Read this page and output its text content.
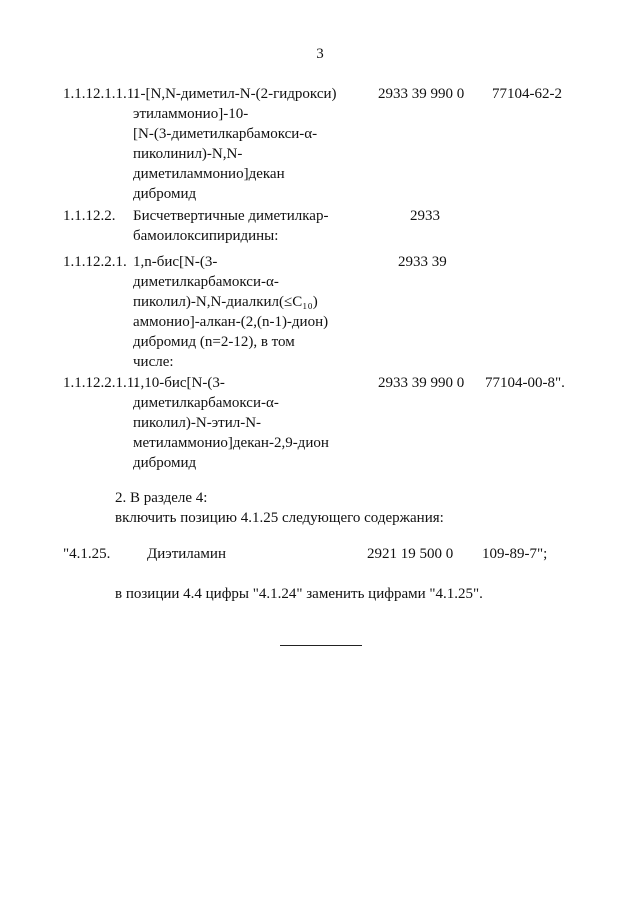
3
1.1.12.1.1.1.
1-[N,N-диметил-N-(2-гидрокси)
этиламмонио]-10-
[N-(3-диметилкарбамокси-α-
пиколинил)-N,N-
диметиламмонио]декан
дибромид
2933 39 990 0 77104-62-2
1.1.12.2. Бисчетвертичные диметилкар-
бамоилоксипиридины:
2933
1.1.12.2.1. 1,n-бис[N-(3-
диметилкарбамокси-α-
пиколил)-N,N-диалкил(≤C₁₀)
аммонио]-алкан-(2,(n-1)-дион)
дибромид (n=2-12), в том
числе:
2933 39
1.1.12.2.1.1.
1,10-бис[N-(3-
диметилкарбамокси-α-
пиколил)-N-этил-N-
метиламмонио]декан-2,9-дион
дибромид
2933 39 990 0 77104-00-8".
2. В разделе 4:
включить позицию 4.1.25 следующего содержания:
"4.1.25. Диэтиламин	2921 19 500 0 109-89-7";
в позиции 4.4 цифры "4.1.24" заменить цифрами "4.1.25".
